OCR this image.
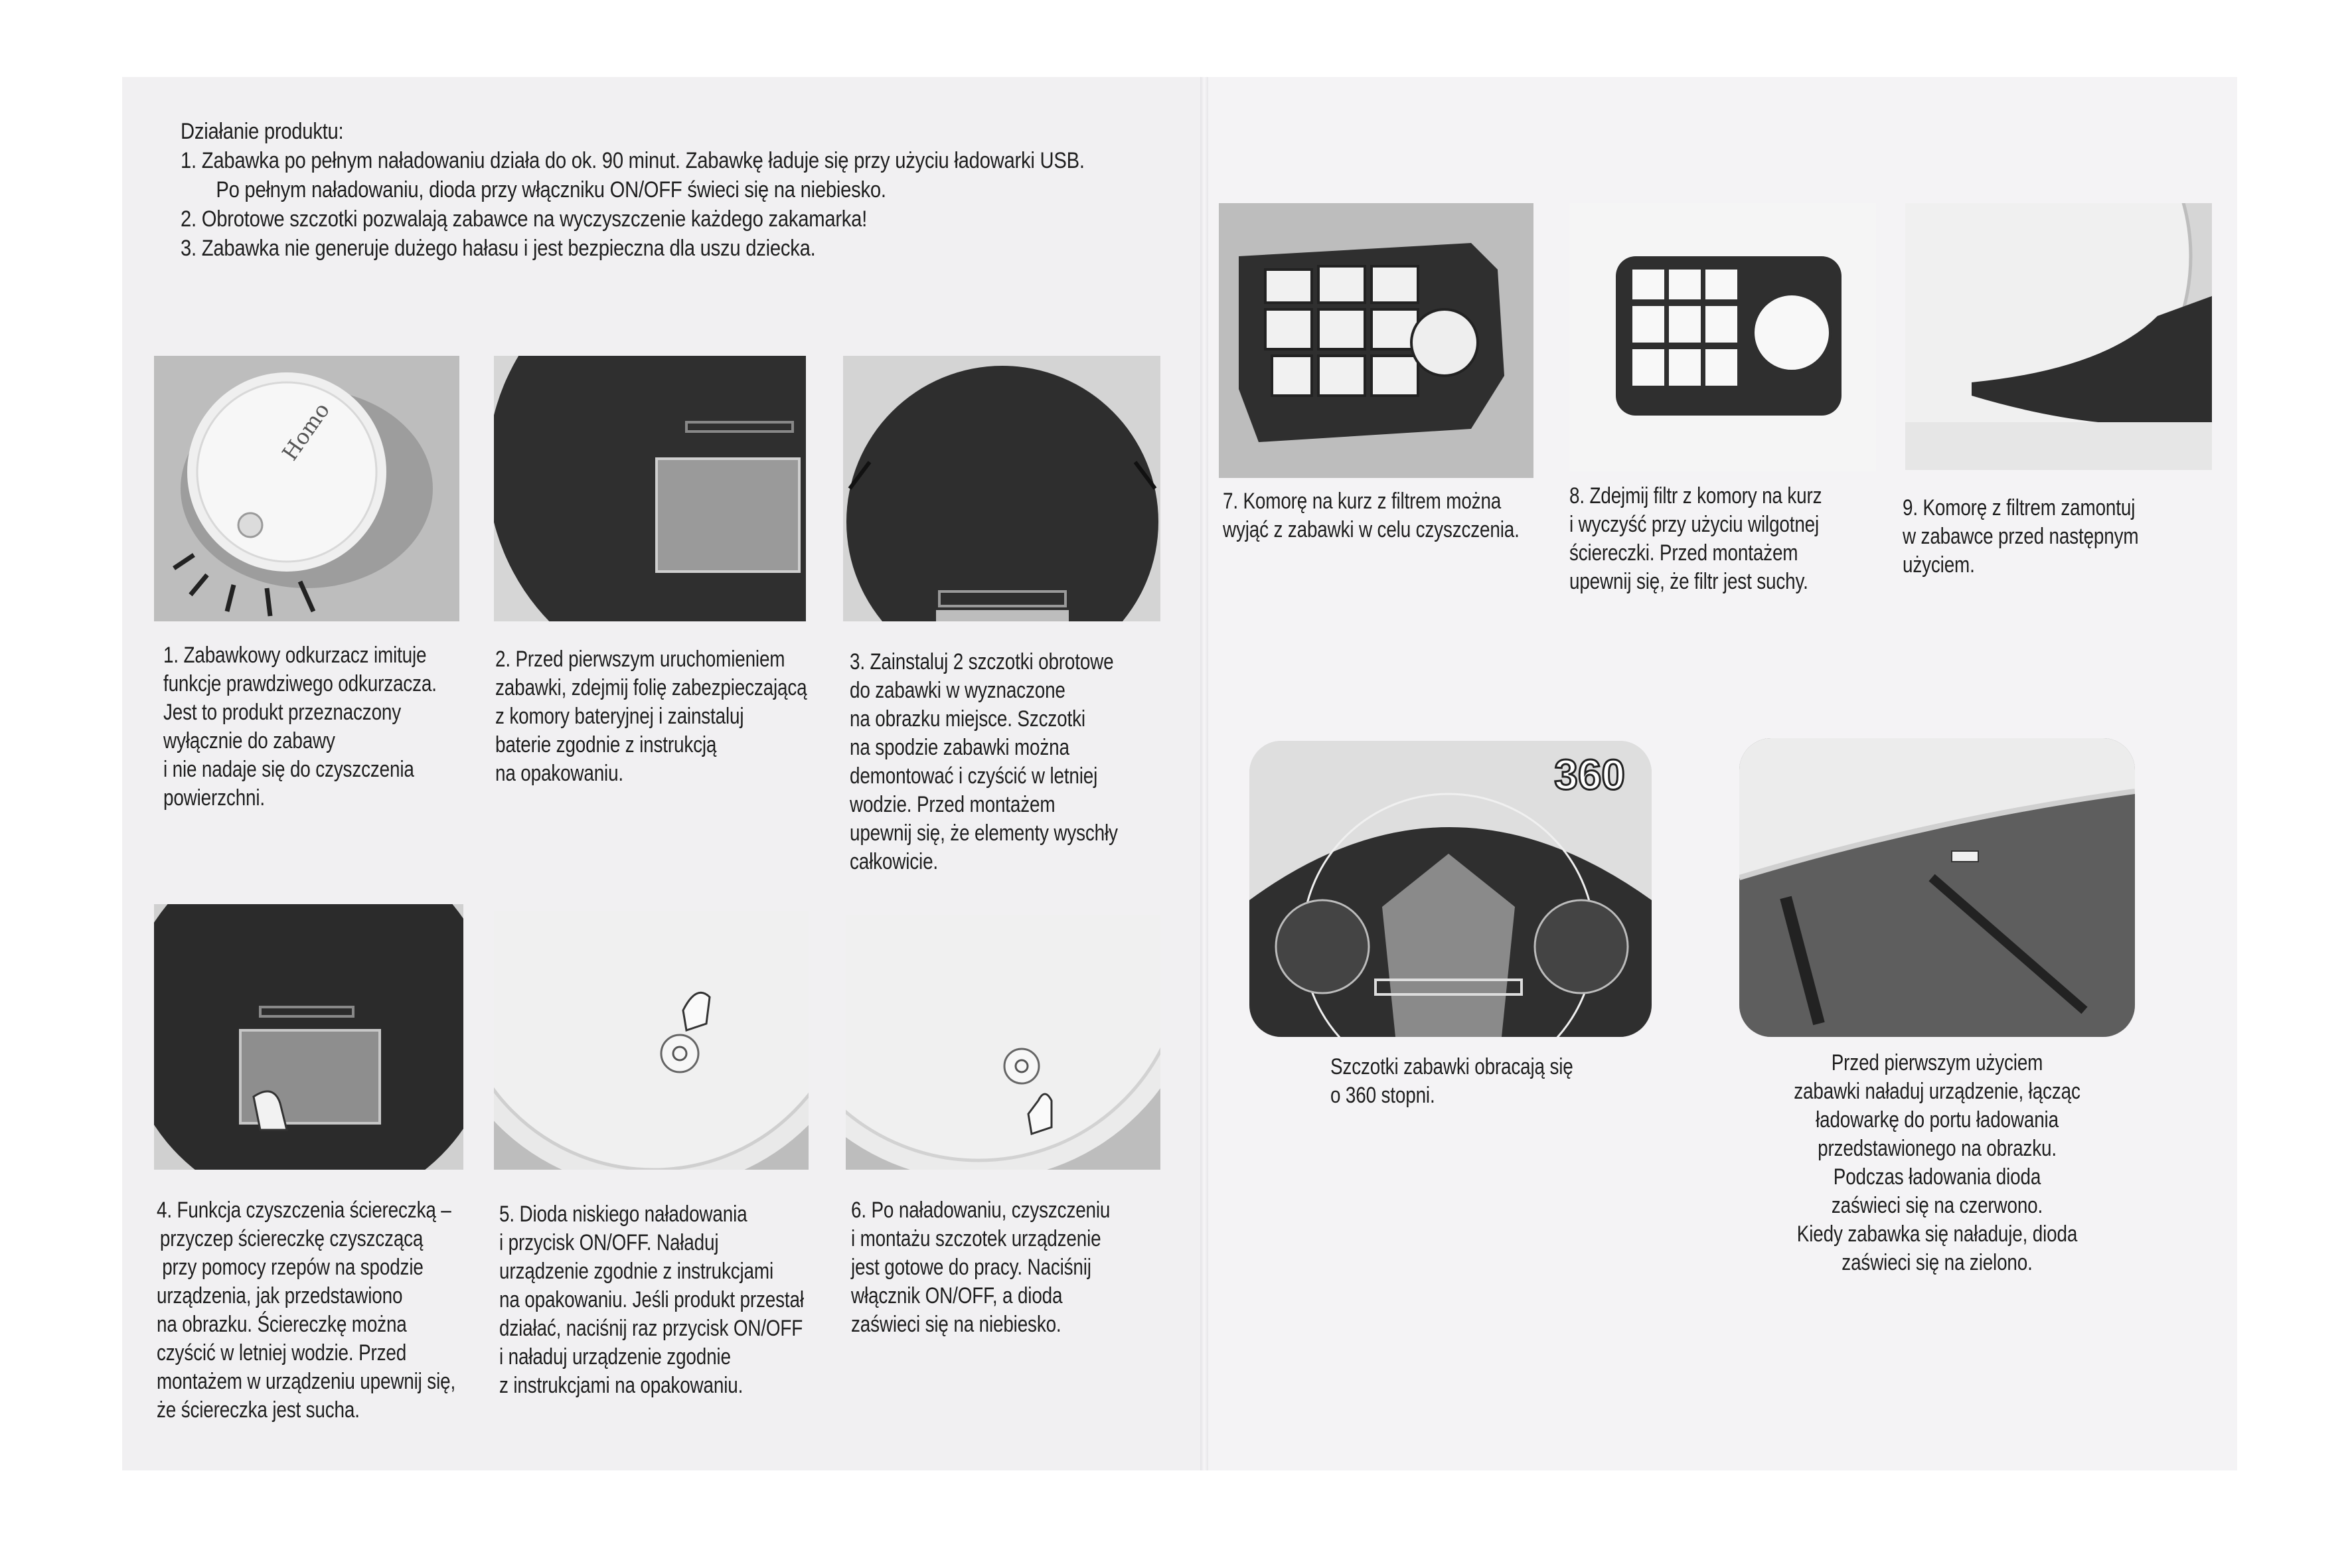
Działanie produktu:
1. Zabawka po pełnym naładowaniu działa do ok. 90 minut. Zabawkę ładuje się przy użyciu ładowarki USB.
Po pełnym naładowaniu, dioda przy włączniku ON/OFF świeci się na niebiesko.
2. Obrotowe szczotki pozwalają zabawce na wyczyszczenie każdego zakamarka!
3. Zabawka nie generuje dużego hałasu i jest bezpieczna dla uszu dziecka.
Homo
1. Zabawkowy odkurzacz imituje
funkcje prawdziwego odkurzacza.
Jest to produkt przeznaczony
wyłącznie do zabawy
i nie nadaje się do czyszczenia
powierzchni.
2. Przed pierwszym uruchomieniem
zabawki, zdejmij folię zabezpieczającą
z komory bateryjnej i zainstaluj
baterie zgodnie z instrukcją
na opakowaniu.
3. Zainstaluj 2 szczotki obrotowe
do zabawki w wyznaczone
na obrazku miejsce. Szczotki
na spodzie zabawki można
demontować i czyścić w letniej
wodzie. Przed montażem
upewnij się, że elementy wyschły
całkowicie.
4. Funkcja czyszczenia ściereczką –
przyczep ściereczkę czyszczącą
przy pomocy rzepów na spodzie
urządzenia, jak przedstawiono
na obrazku. Ściereczkę można
czyścić w letniej wodzie. Przed
montażem w urządzeniu upewnij się,
że ściereczka jest sucha.
5. Dioda niskiego naładowania
i przycisk ON/OFF. Naładuj
urządzenie zgodnie z instrukcjami
na opakowaniu. Jeśli produkt przestał
działać, naciśnij raz przycisk ON/OFF
i naładuj urządzenie zgodnie
z instrukcjami na opakowaniu.
6. Po naładowaniu, czyszczeniu
i montażu szczotek urządzenie
jest gotowe do pracy. Naciśnij
włącznik ON/OFF, a dioda
zaświeci się na niebiesko.
7. Komorę na kurz z filtrem można
wyjąć z zabawki w celu czyszczenia.
8. Zdejmij filtr z komory na kurz
i wyczyść przy użyciu wilgotnej
ściereczki. Przed montażem
upewnij się, że filtr jest suchy.
9. Komorę z filtrem zamontuj
w zabawce przed następnym
użyciem.
360
Szczotki zabawki obracają się
o 360 stopni.
Przed pierwszym użyciem
zabawki naładuj urządzenie, łącząc
ładowarkę do portu ładowania
przedstawionego na obrazku.
Podczas ładowania dioda
zaświeci się na czerwono.
Kiedy zabawka się naładuje, dioda
zaświeci się na zielono.
